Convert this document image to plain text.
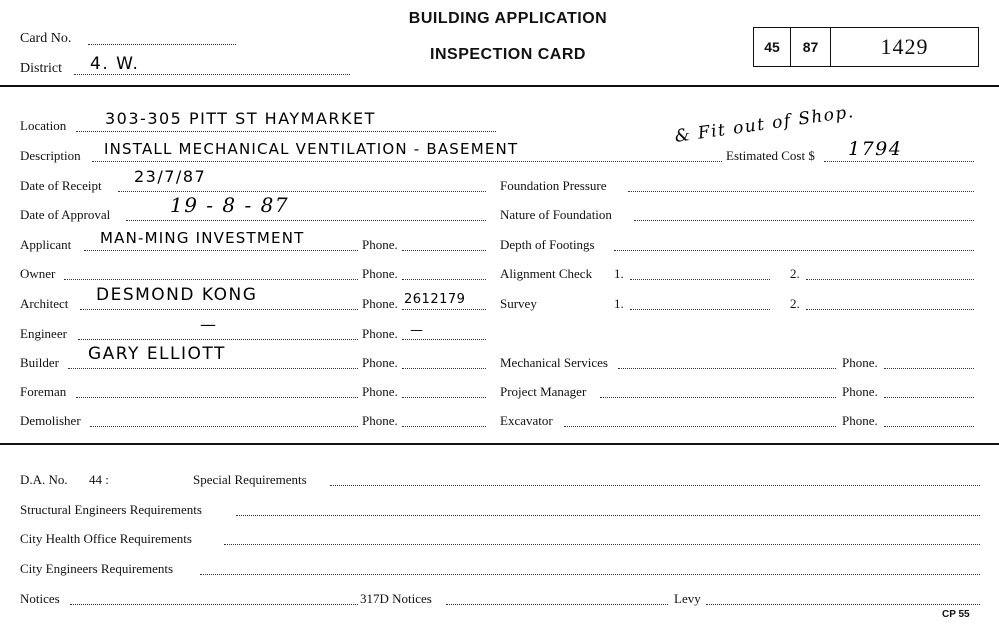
Card No.
District 4. W.
BUILDING APPLICATION
INSPECTION CARD	45	87	1429
Location 303-305 PITT ST HAYMARKET
Description INSTALL MECHANICAL VENTILATION - BASEMENT
& Fit out of Shop.
Estimated Cost $ 1794
Date of Receipt 23/7/87
Date of Approval	19 - 8 - 87
Applicant MAN-MING INVESTMENT	Phone.
Owner	Phone.
Architect DESMOND KONG	Phone. 2612179
Engineer	—	Phone. —
Builder GARY ELLIOTT	Phone.
Foreman	Phone.
Demolisher	Phone.
Foundation Pressure
Nature of Foundation
Depth of Footings
Alignment Check 1.	2.
Survey	1.	2.
Mechanical Services	Phone.
Project Manager	Phone.
Excavator	Phone.
D.A. No. 44 :	Special Requirements
Structural Engineers Requirements
City Health Office Requirements
City Engineers Requirements
Notices	317D Notices	Levy
CP 55
